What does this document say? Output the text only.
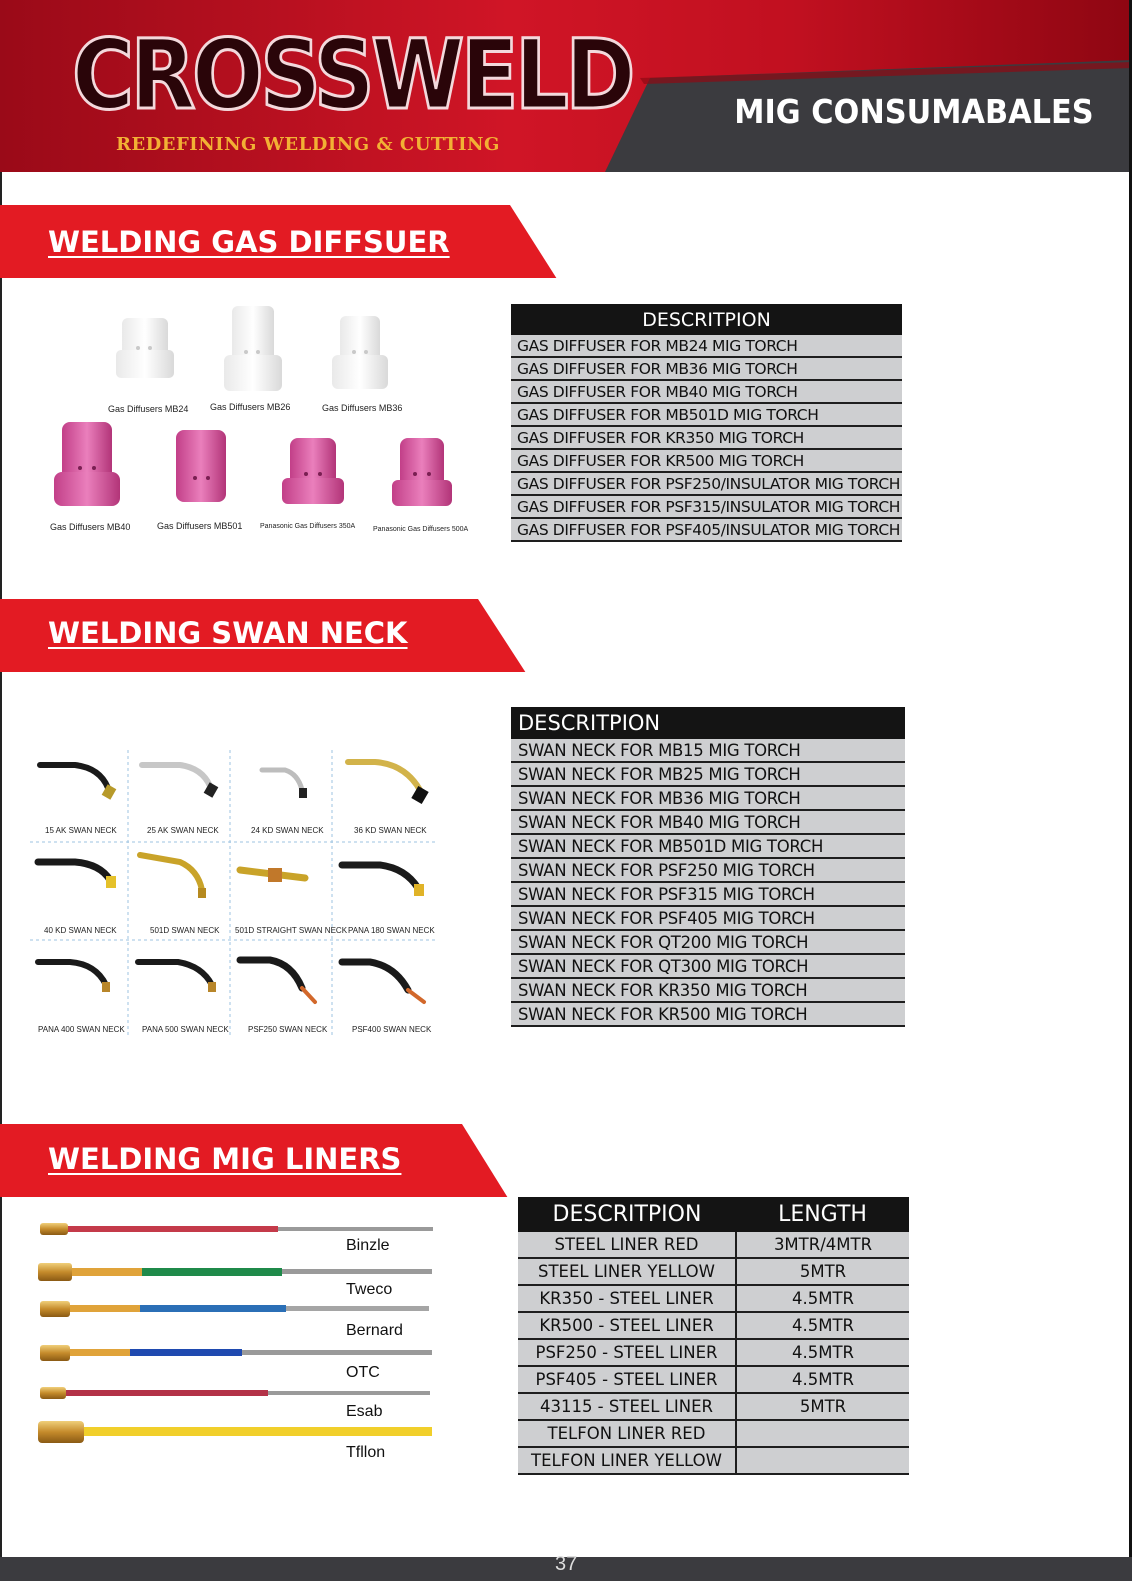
CROSSWELD
REDEFINING WELDING & CUTTING
MIG CONSUMABALES
WELDING GAS DIFFSUER
Gas Diffusers MB24 Gas Diffusers MB26	Gas Diffusers MB36
Gas Diffusers MB40	Gas Diffusers MB501	Panasonic Gas Diffusers 350A	Panasonic Gas Diffusers 500A
DESCRITPION
GAS DIFFUSER FOR MB24 MIG TORCH
GAS DIFFUSER FOR MB36 MIG TORCH
GAS DIFFUSER FOR MB40 MIG TORCH
GAS DIFFUSER FOR MB501D MIG TORCH
GAS DIFFUSER FOR KR350 MIG TORCH
GAS DIFFUSER FOR KR500 MIG TORCH
GAS DIFFUSER FOR PSF250/INSULATOR MIG TORCH
GAS DIFFUSER FOR PSF315/INSULATOR MIG TORCH
GAS DIFFUSER FOR PSF405/INSULATOR MIG TORCH
WELDING SWAN NECK
15 AK SWAN NECK	25 AK SWAN NECK	24 KD SWAN NECK	36 KD SWAN NECK
40 KD SWAN NECK	501D SWAN NECK 501D STRAIGHT SWAN NECK PANA 180 SWAN NECK
PANA 400 SWAN NECK PANA 500 SWAN NECK PSF250 SWAN NECK	PSF400 SWAN NECK
DESCRITPION
SWAN NECK FOR MB15 MIG TORCH
SWAN NECK FOR MB25 MIG TORCH
SWAN NECK FOR MB36 MIG TORCH
SWAN NECK FOR MB40 MIG TORCH
SWAN NECK FOR MB501D MIG TORCH
SWAN NECK FOR PSF250 MIG TORCH
SWAN NECK FOR PSF315 MIG TORCH
SWAN NECK FOR PSF405 MIG TORCH
SWAN NECK FOR QT200 MIG TORCH
SWAN NECK FOR QT300 MIG TORCH
SWAN NECK FOR KR350 MIG TORCH
SWAN NECK FOR KR500 MIG TORCH
WELDING MIG LINERS
Binzle
Tweco
Bernard
OTC
Esab
Tfllon
DESCRITPION	LENGTH
STEEL LINER RED	3MTR/4MTR
STEEL LINER YELLOW	5MTR
KR350 - STEEL LINER	4.5MTR
KR500 - STEEL LINER	4.5MTR
PSF250 - STEEL LINER	4.5MTR
PSF405 - STEEL LINER	4.5MTR
43115 - STEEL LINER	5MTR
TELFON LINER RED	
TELFON LINER YELLOW	
37
